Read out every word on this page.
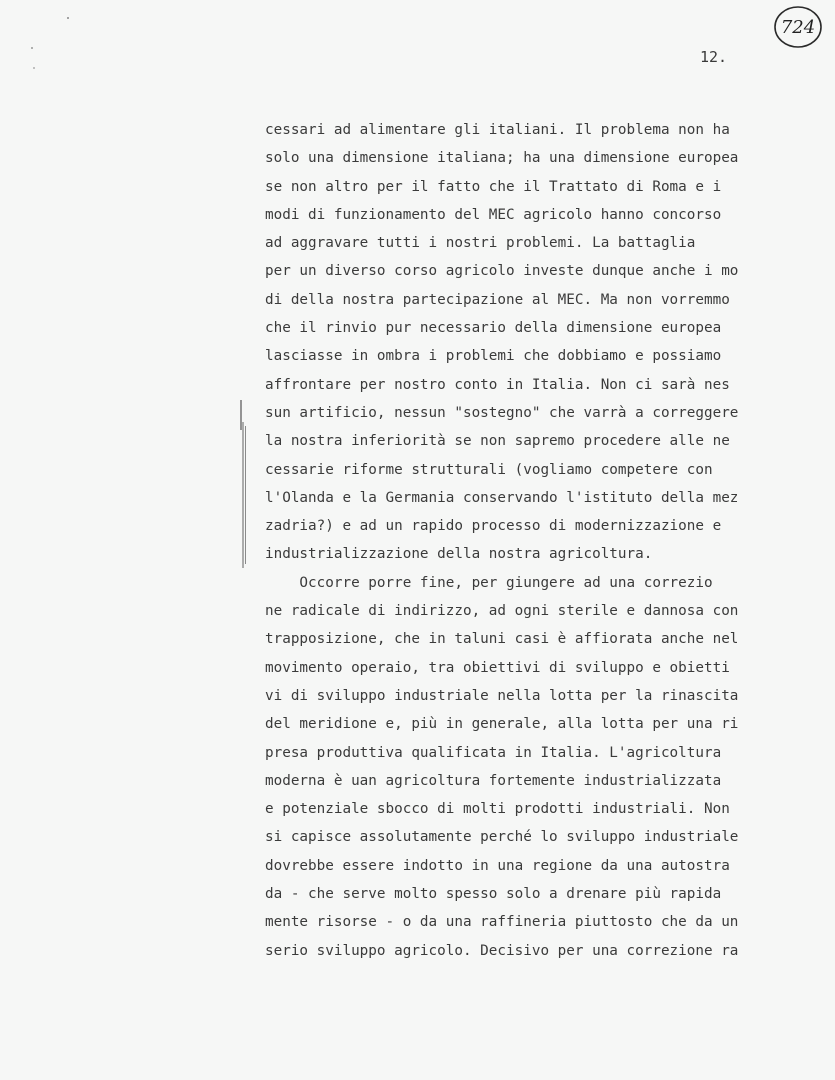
724
12.
cessari ad alimentare gli italiani. Il problema non ha
solo una dimensione italiana; ha una dimensione europea
se non altro per il fatto che il Trattato di Roma e i
modi di funzionamento del MEC agricolo hanno concorso
ad aggravare tutti i nostri problemi. La battaglia
per un diverso corso agricolo investe dunque anche i mo
di della nostra partecipazione al MEC. Ma non vorremmo
che il rinvio pur necessario della dimensione europea
lasciasse in ombra i problemi che dobbiamo e possiamo
affrontare per nostro conto in Italia. Non ci sarà nes
sun artificio, nessun "sostegno" che varrà a correggere
la nostra inferiorità se non sapremo procedere alle ne
cessarie riforme strutturali (vogliamo competere con
l'Olanda e la Germania conservando l'istituto della mez
zadria?) e ad un rapido processo di modernizzazione e
industrializzazione della nostra agricoltura.
Occorre porre fine, per giungere ad una correzio
ne radicale di indirizzo, ad ogni sterile e dannosa con
trapposizione, che in taluni casi è affiorata anche nel
movimento operaio, tra obiettivi di sviluppo e obietti
vi di sviluppo industriale nella lotta per la rinascita
del meridione e, più in generale, alla lotta per una ri
presa produttiva qualificata in Italia. L'agricoltura
moderna è uan agricoltura fortemente industrializzata
e potenziale sbocco di molti prodotti industriali. Non
si capisce assolutamente perché lo sviluppo industriale
dovrebbe essere indotto in una regione da una autostra
da - che serve molto spesso solo a drenare più rapida
mente risorse - o da una raffineria piuttosto che da un
serio sviluppo agricolo. Decisivo per una correzione ra
